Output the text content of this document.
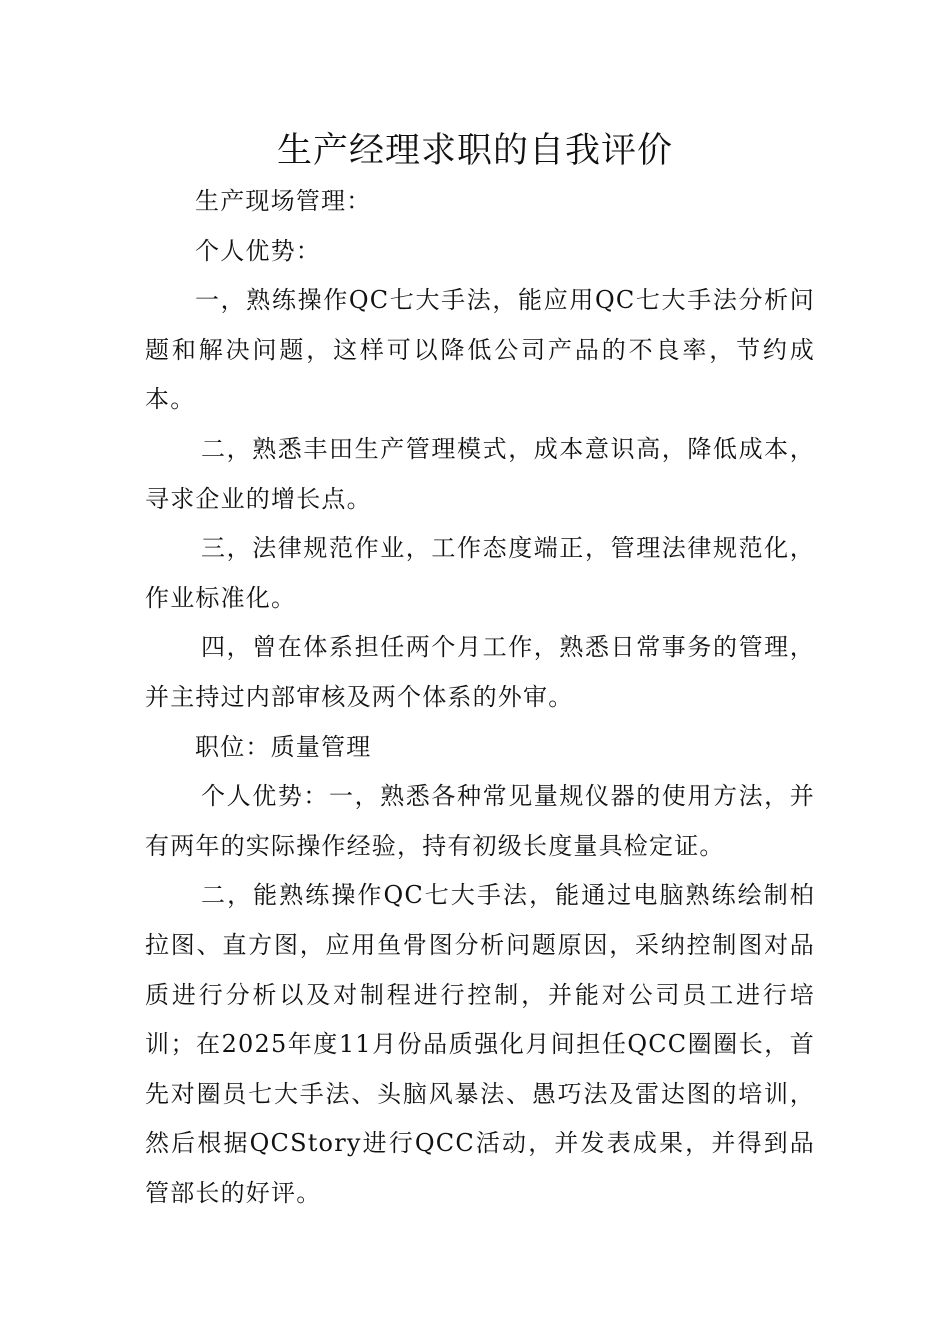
生产经理求职的自我评价

生产现场管理：

个人优势：

一，熟练操作QC七大手法，能应用QC七大手法分析问题和解决问题，这样可以降低公司产品的不良率，节约成本。

二，熟悉丰田生产管理模式，成本意识高，降低成本，寻求企业的增长点。

三，法律规范作业，工作态度端正，管理法律规范化，作业标准化。

四，曾在体系担任两个月工作，熟悉日常事务的管理，并主持过内部审核及两个体系的外审。

职位：质量管理

个人优势：一，熟悉各种常见量规仪器的使用方法，并有两年的实际操作经验，持有初级长度量具检定证。

二，能熟练操作QC七大手法，能通过电脑熟练绘制柏拉图、直方图，应用鱼骨图分析问题原因，采纳控制图对品质进行分析以及对制程进行控制，并能对公司员工进行培训；在2025年度11月份品质强化月间担任QCC圈圈长，首先对圈员七大手法、头脑风暴法、愚巧法及雷达图的培训，然后根据QCStory进行QCC活动，并发表成果，并得到品管部长的好评。
